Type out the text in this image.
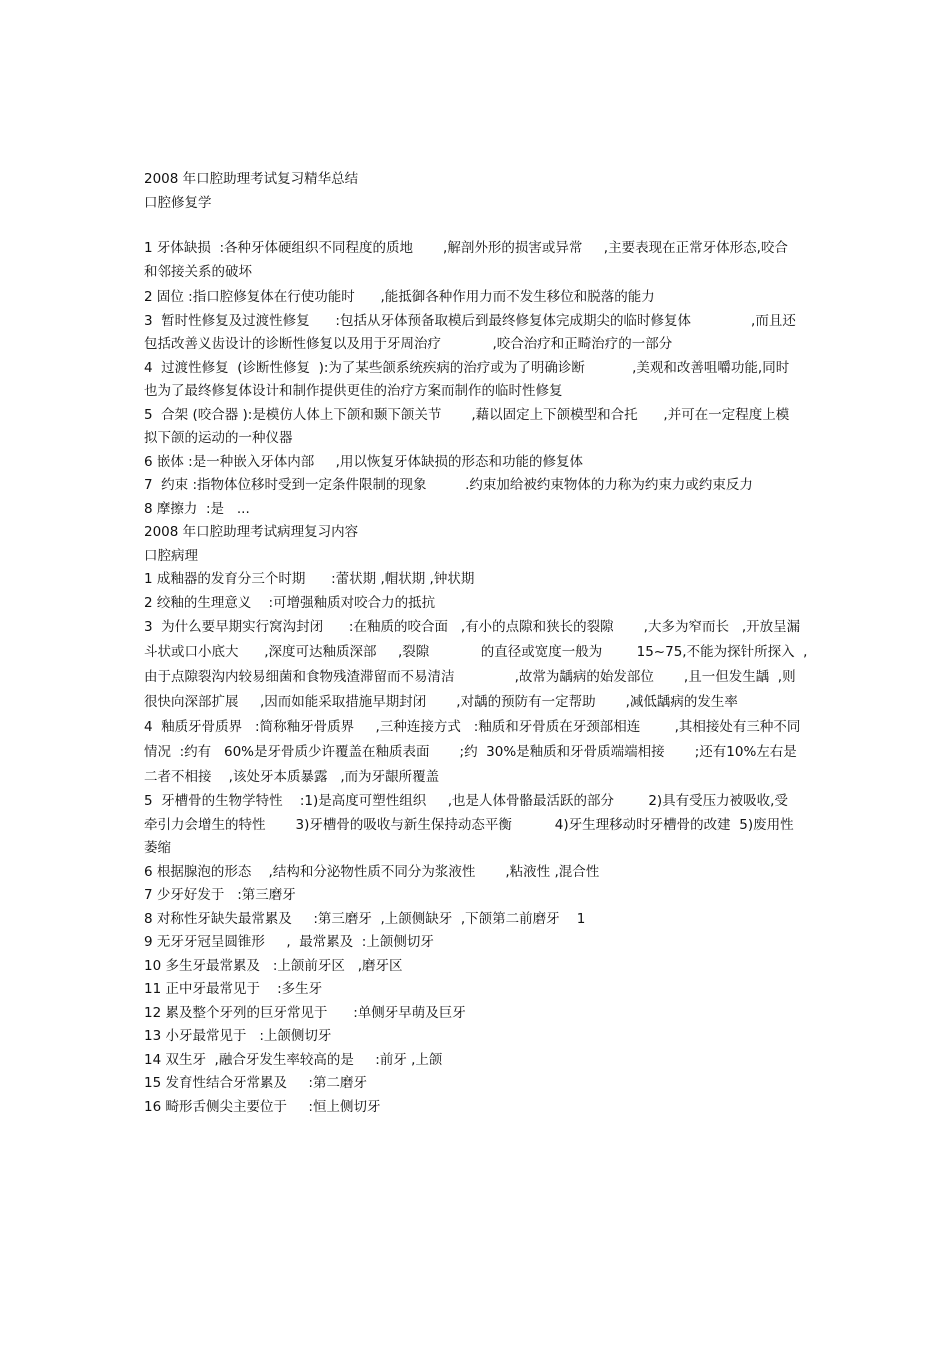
2008 年口腔助理考试复习精华总结

口腔修复学

1 牙体缺损  :各种牙体硬组织不同程度的质地       ,解剖外形的损害或异常     ,主要表现在正常牙体形态,咬合和邻接关系的破坏

2 固位 :指口腔修复体在行使功能时      ,能抵御各种作用力而不发生移位和脱落的能力

3  暂时性修复及过渡性修复      :包括从牙体预备取模后到最终修复体完成期尖的临时修复体              ,而且还包括改善义齿设计的诊断性修复以及用于牙周治疗            ,咬合治疗和正畸治疗的一部分

4  过渡性修复  (诊断性修复  ):为了某些颌系统疾病的治疗或为了明确诊断           ,美观和改善咀嚼功能,同时也为了最终修复体设计和制作提供更佳的治疗方案而制作的临时性修复

5  合架 (咬合器 ):是模仿人体上下颌和颞下颌关节       ,藉以固定上下颌模型和合托      ,并可在一定程度上模拟下颌的运动的一种仪器

6 嵌体 :是一种嵌入牙体内部     ,用以恢复牙体缺损的形态和功能的修复体

7  约束 :指物体位移时受到一定条件限制的现象         .约束加给被约束物体的力称为约束力或约束反力

8 摩擦力  :是   ...

2008 年口腔助理考试病理复习内容

口腔病理

1 成釉器的发育分三个时期      :蕾状期 ,帽状期 ,钟状期

2 绞釉的生理意义    :可增强釉质对咬合力的抵抗

3  为什么要早期实行窝沟封闭      :在釉质的咬合面   ,有小的点隙和狭长的裂隙       ,大多为窄而长   ,开放呈漏斗状或口小底大      ,深度可达釉质深部     ,裂隙            的直径或宽度一般为        15~75,不能为探针所探入  ,由于点隙裂沟内较易细菌和食物残渣滞留而不易清洁              ,故常为龋病的始发部位       ,且一但发生龋  ,则很快向深部扩展     ,因而如能采取措施早期封闭       ,对龋的预防有一定帮助       ,减低龋病的发生率

4  釉质牙骨质界   :简称釉牙骨质界     ,三种连接方式   :釉质和牙骨质在牙颈部相连        ,其相接处有三种不同情况  :约有   60%是牙骨质少许覆盖在釉质表面       ;约  30%是釉质和牙骨质端端相接       ;还有10%左右是二者不相接    ,该处牙本质暴露   ,而为牙龈所覆盖

5  牙槽骨的生物学特性    :1)是高度可塑性组织     ,也是人体骨骼最活跃的部分        2)具有受压力被吸收,受牵引力会增生的特性       3)牙槽骨的吸收与新生保持动态平衡          4)牙生理移动时牙槽骨的改建  5)废用性萎缩

6 根据腺泡的形态    ,结构和分泌物性质不同分为浆液性       ,粘液性 ,混合性

7 少牙好发于   :第三磨牙

8 对称性牙缺失最常累及     :第三磨牙  ,上颌侧缺牙  ,下颌第二前磨牙    1

9 无牙牙冠呈圆锥形     ,  最常累及  :上颌侧切牙

10 多生牙最常累及   :上颌前牙区   ,磨牙区

11 正中牙最常见于    :多生牙

12 累及整个牙列的巨牙常见于      :单侧牙早萌及巨牙

13 小牙最常见于   :上颌侧切牙

14 双生牙  ,融合牙发生率较高的是     :前牙 ,上颌

15 发育性结合牙常累及     :第二磨牙

16 畸形舌侧尖主要位于     :恒上侧切牙
